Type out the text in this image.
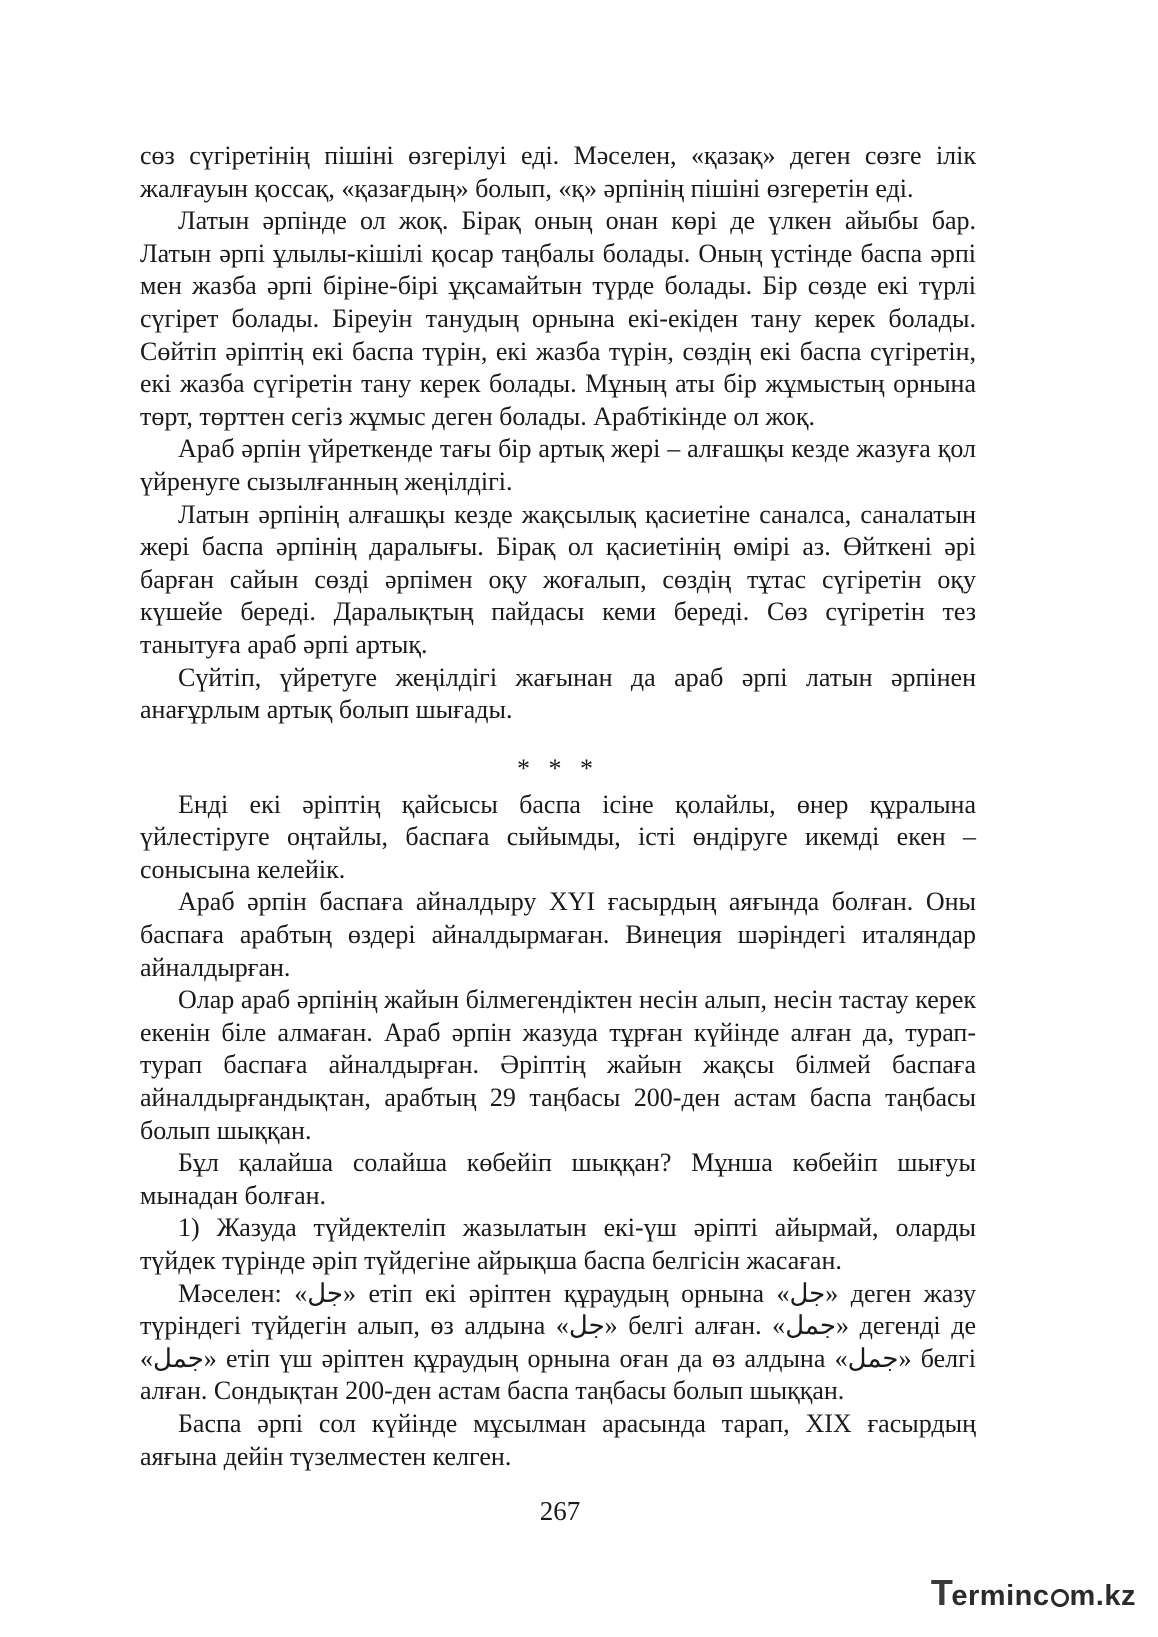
сөз сүгіретінің пішіні өзгерілуі еді. Мәселен, «қазақ» деген сөзге ілік жалғауын қоссақ, «қазағдың» болып, «қ» әрпінің пішіні өзгеретін еді.

Латын әрпінде ол жоқ. Бірақ оның онан көрі де үлкен айыбы бар. Латын әрпі ұлылы-кішілі қосар таңбалы болады. Оның үстінде баспа әрпі мен жазба әрпі біріне-бірі ұқсамайтын түрде болады. Бір сөзде екі түрлі сүгірет болады. Біреуін танудың орнына екі-екіден тану керек болады. Сөйтіп әріптің екі баспа түрін, екі жазба түрін, сөздің екі баспа сүгіретін, екі жазба сүгіретін тану керек болады. Мұның аты бір жұмыстың орнына төрт, төрттен сегіз жұмыс деген болады. Арабтікінде ол жоқ.

Араб әрпін үйреткенде тағы бір артық жері – алғашқы кезде жазуға қол үйренуге сызылғанның жеңілдігі.

Латын әрпінің алғашқы кезде жақсылық қасиетіне саналса, саналатын жері баспа әрпінің даралығы. Бірақ ол қасиетінің өмірі аз. Өйткені әрі барған сайын сөзді әрпімен оқу жоғалып, сөздің тұтас сүгіретін оқу күшейе береді. Даралықтың пайдасы кеми береді. Сөз сүгіретін тез танытуға араб әрпі артық.

Сүйтіп, үйретуге жеңілдігі жағынан да араб әрпі латын әрпінен анағұрлым артық болып шығады.

* * *

Енді екі әріптің қайсысы баспа ісіне қолайлы, өнер құралына үйлестіруге оңтайлы, баспаға сыйымды, істі өндіруге икемді екен – сонысына келейік.

Араб әрпін баспаға айналдыру XYI ғасырдың аяғында болған. Оны баспаға арабтың өздері айналдырмаған. Винеция шәріндегі италяндар айналдырған.

Олар араб әрпінің жайын білмегендіктен несін алып, несін тастау керек екенін біле алмаған. Араб әрпін жазуда тұрған күйінде алған да, турап-турап баспаға айналдырған. Әріптің жайын жақсы білмей баспаға айналдырғандықтан, арабтың 29 таңбасы 200-ден астам баспа таңбасы болып шыққан.

Бұл қалайша солайша көбейіп шыққан? Мұнша көбейіп шығуы мынадан болған.

1) Жазуда түйдектеліп жазылатын екі-үш әріпті айырмай, оларды түйдек түрінде әріп түйдегіне айрықша баспа белгісін жасаған.

Мәселен: «جل» етіп екі әріптен құраудың орнына «جل» деген жазу түріндегі түйдегін алып, өз алдына «جل» белгі алған. «جمل» дегенді де «جمل» етіп үш әріптен құраудың орнына оған да өз алдына «جمل» белгі алған. Сондықтан 200-ден астам баспа таңбасы болып шыққан.

Баспа әрпі сол күйінде мұсылман арасында тарап, XIX ғасырдың аяғына дейін түзелместен келген.

267
T
ermin c m.kz
